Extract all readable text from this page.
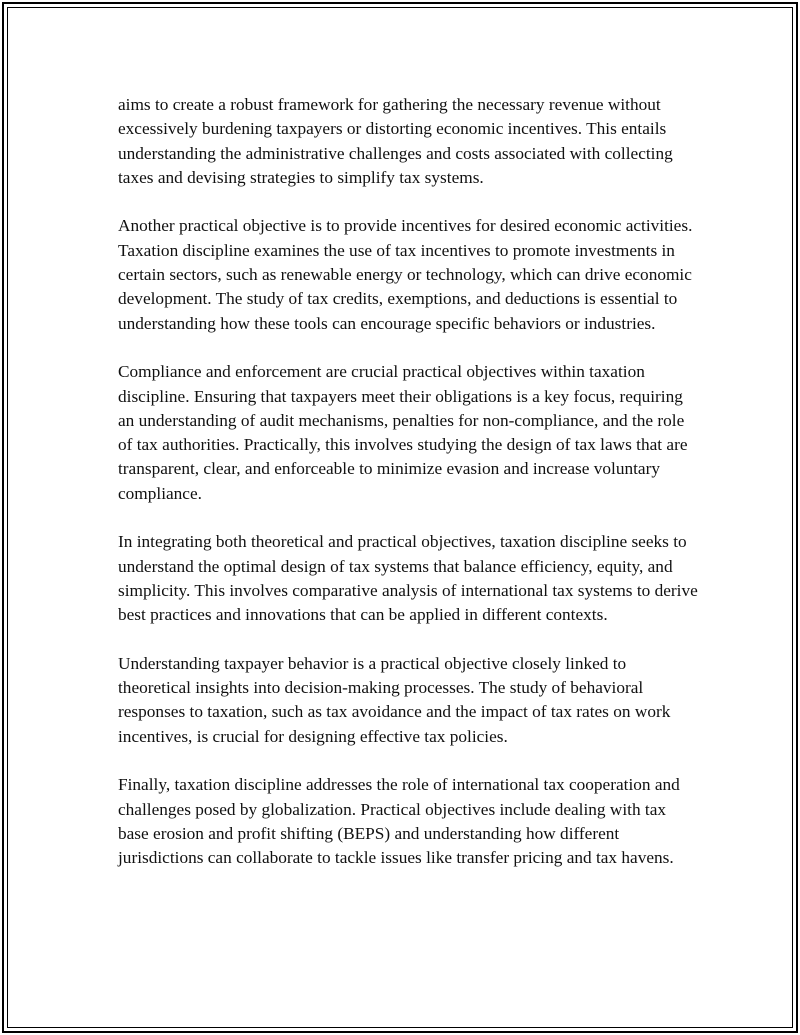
aims to create a robust framework for gathering the necessary revenue without excessively burdening taxpayers or distorting economic incentives. This entails understanding the administrative challenges and costs associated with collecting taxes and devising strategies to simplify tax systems.

Another practical objective is to provide incentives for desired economic activities. Taxation discipline examines the use of tax incentives to promote investments in certain sectors, such as renewable energy or technology, which can drive economic development. The study of tax credits, exemptions, and deductions is essential to understanding how these tools can encourage specific behaviors or industries.

Compliance and enforcement are crucial practical objectives within taxation discipline. Ensuring that taxpayers meet their obligations is a key focus, requiring an understanding of audit mechanisms, penalties for non-compliance, and the role of tax authorities. Practically, this involves studying the design of tax laws that are transparent, clear, and enforceable to minimize evasion and increase voluntary compliance.

In integrating both theoretical and practical objectives, taxation discipline seeks to understand the optimal design of tax systems that balance efficiency, equity, and simplicity. This involves comparative analysis of international tax systems to derive best practices and innovations that can be applied in different contexts.

Understanding taxpayer behavior is a practical objective closely linked to theoretical insights into decision-making processes. The study of behavioral responses to taxation, such as tax avoidance and the impact of tax rates on work incentives, is crucial for designing effective tax policies.

Finally, taxation discipline addresses the role of international tax cooperation and challenges posed by globalization. Practical objectives include dealing with tax base erosion and profit shifting (BEPS) and understanding how different jurisdictions can collaborate to tackle issues like transfer pricing and tax havens.
